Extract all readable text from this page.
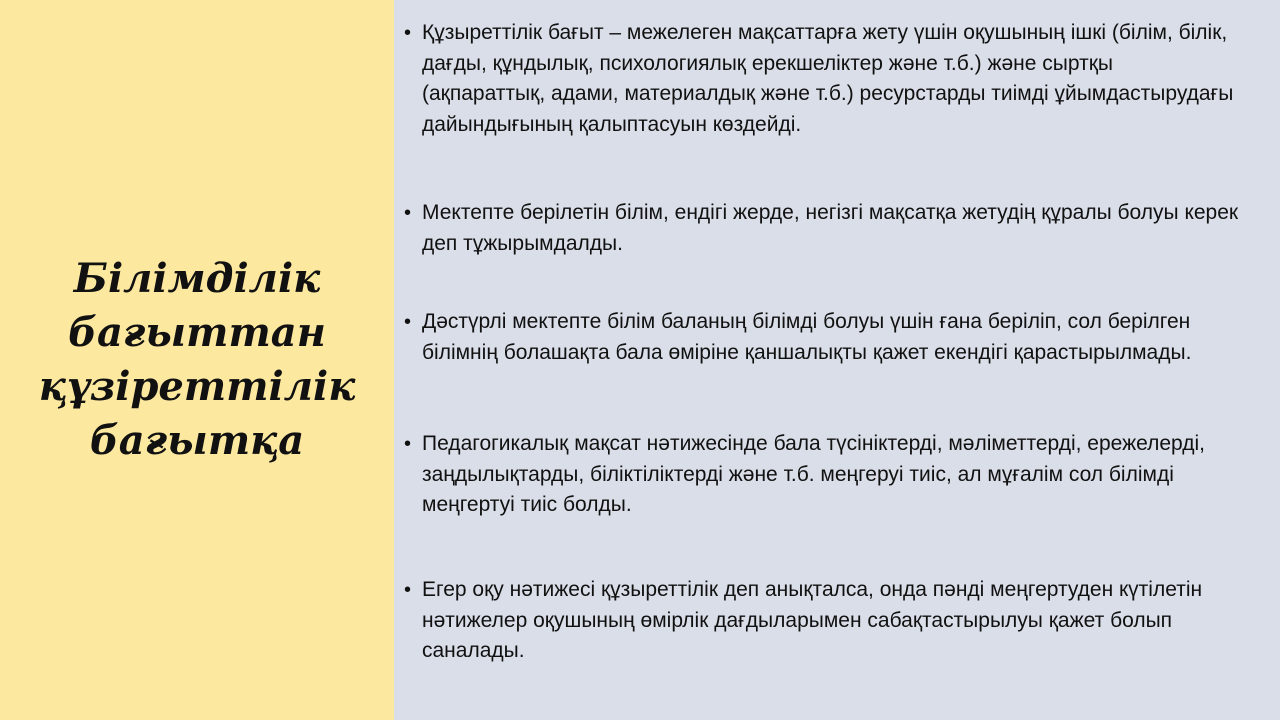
Білімділік
бағыттан
құзіреттілік
бағытқа
• Құзыреттілік бағыт – межелеген мақсаттарға жету үшін оқушының ішкі (білім, білік, дағды, құндылық, психологиялық ерекшеліктер және т.б.) және сыртқы (ақпараттық, адами, материалдық және т.б.) ресурстарды тиімді ұйымдастырудағы дайындығының қалыптасуын көздейді.
• Мектепте берілетін білім, ендігі жерде, негізгі мақсатқа жетудің құралы болуы керек деп тұжырымдалды.
• Дәстүрлі мектепте білім баланың білімді болуы үшін ғана беріліп, сол берілген білімнің болашақта бала өміріне қаншалықты қажет екендігі қарастырылмады.
• Педагогикалық мақсат нәтижесінде бала түсініктерді, мәліметтерді, ережелерді, заңдылықтарды, біліктіліктерді және т.б. меңгеруі тиіс, ал мұғалім сол білімді меңгертуі тиіс болды.
• Егер оқу нәтижесі құзыреттілік деп анықталса, онда пәнді меңгертуден күтілетін нәтижелер оқушының өмірлік дағдыларымен сабақтастырылуы қажет болып саналады.
